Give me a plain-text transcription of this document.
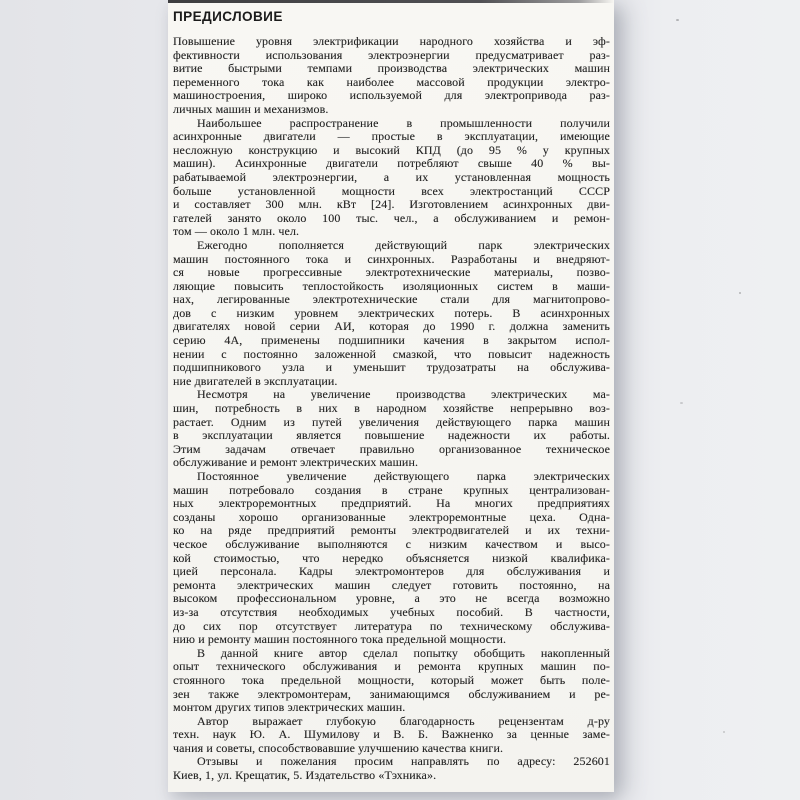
ПРЕДИСЛОВИЕ
Повышение уровня электрификации народного хозяйства и эф-
фективности использования электроэнергии предусматривает раз-
витие быстрыми темпами производства электрических машин
переменного тока как наиболее массовой продукции электро-
машиностроения, широко используемой для электропривода раз-
личных машин и механизмов.
Наибольшее распространение в промышленности получили
асинхронные двигатели — простые в эксплуатации, имеющие
несложную конструкцию и высокий КПД (до 95 % у крупных
машин). Асинхронные двигатели потребляют свыше 40 % вы-
рабатываемой электроэнергии, а их установленная мощность
больше установленной мощности всех электростанций СССР
и составляет 300 млн. кВт [24]. Изготовлением асинхронных дви-
гателей занято около 100 тыс. чел., а обслуживанием и ремон-
том — около 1 млн. чел.
Ежегодно пополняется действующий парк электрических
машин постоянного тока и синхронных. Разработаны и внедряют-
ся новые прогрессивные электротехнические материалы, позво-
ляющие повысить теплостойкость изоляционных систем в маши-
нах, легированные электротехнические стали для магнитопрово-
дов с низким уровнем электрических потерь. В асинхронных
двигателях новой серии АИ, которая до 1990 г. должна заменить
серию 4А, применены подшипники качения в закрытом испол-
нении с постоянно заложенной смазкой, что повысит надежность
подшипникового узла и уменьшит трудозатраты на обслужива-
ние двигателей в эксплуатации.
Несмотря на увеличение производства электрических ма-
шин, потребность в них в народном хозяйстве непрерывно воз-
растает. Одним из путей увеличения действующего парка машин
в эксплуатации является повышение надежности их работы.
Этим задачам отвечает правильно организованное техническое
обслуживание и ремонт электрических машин.
Постоянное увеличение действующего парка электрических
машин потребовало создания в стране крупных централизован-
ных электроремонтных предприятий. На многих предприятиях
созданы хорошо организованные электроремонтные цеха. Одна-
ко на ряде предприятий ремонты электродвигателей и их техни-
ческое обслуживание выполняются с низким качеством и высо-
кой стоимостью, что нередко объясняется низкой квалифика-
цией персонала. Кадры электромонтеров для обслуживания и
ремонта электрических машин следует готовить постоянно, на
высоком профессиональном уровне, а это не всегда возможно
из-за отсутствия необходимых учебных пособий. В частности,
до сих пор отсутствует литература по техническому обслужива-
нию и ремонту машин постоянного тока предельной мощности.
В данной книге автор сделал попытку обобщить накопленный
опыт технического обслуживания и ремонта крупных машин по-
стоянного тока предельной мощности, который может быть поле-
зен также электромонтерам, занимающимся обслуживанием и ре-
монтом других типов электрических машин.
Автор выражает глубокую благодарность рецензентам д-ру
техн. наук Ю. А. Шумилову и В. Б. Важненко за ценные заме-
чания и советы, способствовавшие улучшению качества книги.
Отзывы и пожелания просим направлять по адресу: 252601
Киев, 1, ул. Крещатик, 5. Издательство «Тэхника».
